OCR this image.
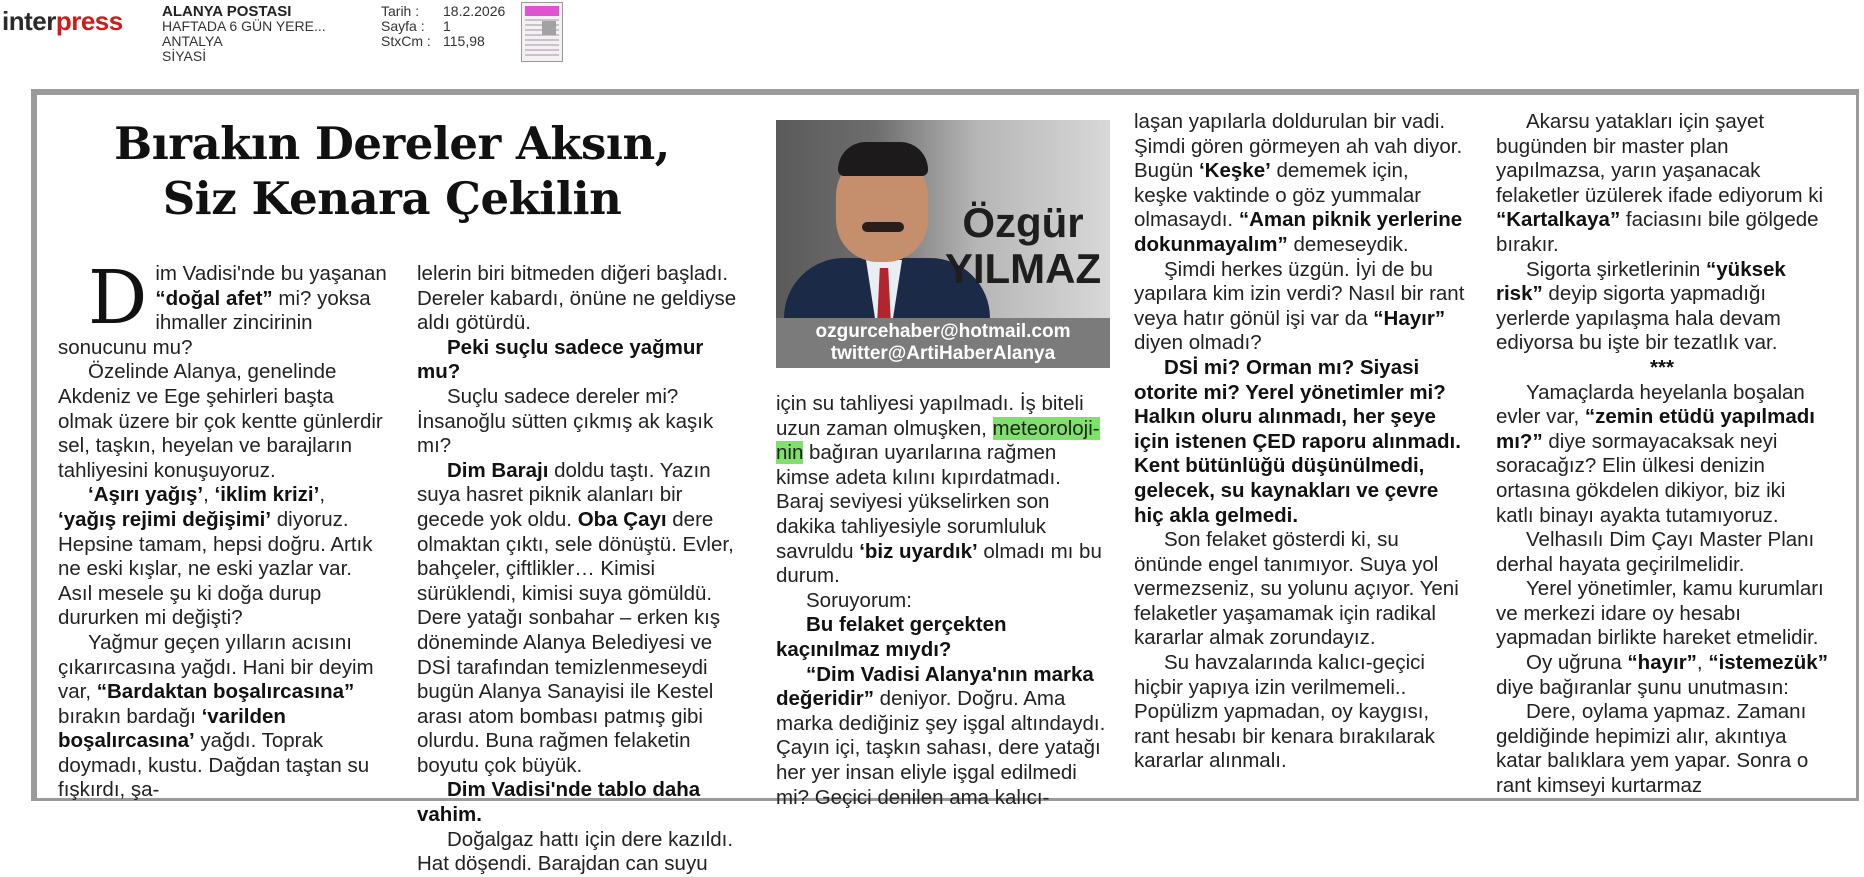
interpress	ALANYA POSTASI
HAFTADA 6 GÜN YERE...
ANTALYA
SİYASİ
Tarih :	18.2.2026
Sayfa :	1
StxCm : 115,98
Bırakın Dereler Aksın,
Siz Kenara Çekilin

Dim Vadisi'nde bu yaşanan “doğal afet” mi? yoksa ihmaller zincirinin sonucunu mu?

Özelinde Alanya, genelinde Akdeniz ve Ege şehirleri başta olmak üzere bir çok kentte günlerdir sel, taşkın, heyelan ve barajların tahliyesini konuşuyoruz.

‘Aşırı yağış’, ‘iklim krizi’, ‘yağış rejimi değişimi’ diyoruz. Hepsine tamam, hepsi doğru. Artık ne eski kışlar, ne eski yazlar var. Asıl mesele şu ki doğa durup dururken mi değişti?

Yağmur geçen yılların acısını çıkarırcasına yağdı. Hani bir deyim var, “Bardaktan boşalırcasına” bırakın bardağı ‘varilden boşalırcasına’ yağdı. Toprak doymadı, kustu. Dağdan taştan su fışkırdı, şa-

lelerin biri bitmeden diğeri başladı. Dereler kabardı, önüne ne geldiyse aldı götürdü.

Peki suçlu sadece yağmur mu?

Suçlu sadece dereler mi? İnsanoğlu sütten çıkmış ak kaşık mı?

Dim Barajı doldu taştı. Yazın suya hasret piknik alanları bir gecede yok oldu. Oba Çayı dere olmaktan çıktı, sele dönüştü. Evler, bahçeler, çiftlikler… Kimisi sürüklendi, kimisi suya gömüldü. Dere yatağı sonbahar – erken kış döneminde Alanya Belediyesi ve DSİ tarafından temizlenmeseydi bugün Alanya Sanayisi ile Kestel arası atom bombası patmış gibi olurdu. Buna rağmen felaketin boyutu çok büyük.

Dim Vadisi'nde tablo daha vahim.

Doğalgaz hattı için dere kazıldı. Hat döşendi. Barajdan can suyu

Özgür
YILMAZ
ozgurcehaber@hotmail.com
twitter@ArtiHaberAlanya

için su tahliyesi yapılmadı. İş biteli uzun zaman olmuşken, meteoroloji-nin bağıran uyarılarına rağmen kimse adeta kılını kıpırdatmadı. Baraj seviyesi yükselirken son dakika tahliyesiyle sorumluluk savruldu ‘biz uyardık’ olmadı mı bu durum.

Soruyorum:

Bu felaket gerçekten kaçınılmaz mıydı?

“Dim Vadisi Alanya'nın marka değeridir” deniyor. Doğru. Ama marka dediğiniz şey işgal altındaydı. Çayın içi, taşkın sahası, dere yatağı her yer insan eliyle işgal edilmedi mi? Geçici denilen ama kalıcı-

laşan yapılarla doldurulan bir vadi. Şimdi gören görmeyen ah vah diyor. Bugün ‘Keşke’ dememek için, keşke vaktinde o göz yummalar olmasaydı. “Aman piknik yerlerine dokunmayalım” demeseydik.

Şimdi herkes üzgün. İyi de bu yapılara kim izin verdi? Nasıl bir rant veya hatır gönül işi var da “Hayır” diyen olmadı?

DSİ mi? Orman mı? Siyasi otorite mi? Yerel yönetimler mi? Halkın oluru alınmadı, her şeye için istenen ÇED raporu alınmadı. Kent bütünlüğü düşünülmedi, gelecek, su kaynakları ve çevre hiç akla gelmedi.

Son felaket gösterdi ki, su önünde engel tanımıyor. Suya yol vermezseniz, su yolunu açıyor. Yeni felaketler yaşamamak için radikal kararlar almak zorundayız.

Su havzalarında kalıcı-geçici hiçbir yapıya izin verilmemeli.. Popülizm yapmadan, oy kaygısı, rant hesabı bir kenara bırakılarak kararlar alınmalı.

Akarsu yatakları için şayet bugünden bir master plan yapılmazsa, yarın yaşanacak felaketler üzülerek ifade ediyorum ki “Kartalkaya” faciasını bile gölgede bırakır.

Sigorta şirketlerinin “yüksek risk” deyip sigorta yapmadığı yerlerde yapılaşma hala devam ediyorsa bu işte bir tezatlık var.

***

Yamaçlarda heyelanla boşalan evler var, “zemin etüdü yapılmadı mı?” diye sormayacaksak neyi soracağız? Elin ülkesi denizin ortasına gökdelen dikiyor, biz iki katlı binayı ayakta tutamıyoruz.

Velhasılı Dim Çayı Master Planı derhal hayata geçirilmelidir.

Yerel yönetimler, kamu kurumları ve merkezi idare oy hesabı yapmadan birlikte hareket etmelidir.

Oy uğruna “hayır”, “istemezük” diye bağıranlar şunu unutmasın:

Dere, oylama yapmaz. Zamanı geldiğinde hepimizi alır, akıntıya katar balıklara yem yapar. Sonra o rant kimseyi kurtarmaz
